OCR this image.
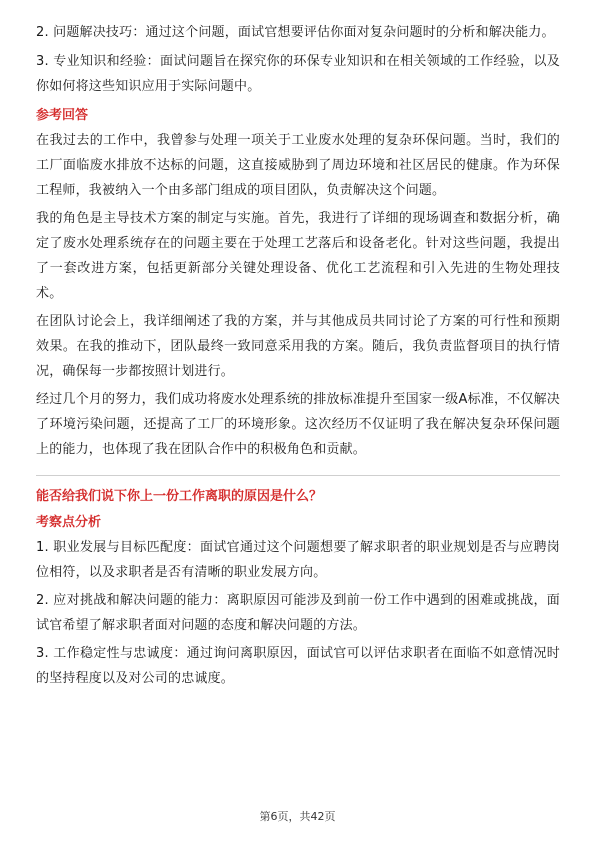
2. 问题解决技巧：通过这个问题，面试官想要评估你面对复杂问题时的分析和解决能力。

3. 专业知识和经验：面试问题旨在探究你的环保专业知识和在相关领域的工作经验，以及你如何将这些知识应用于实际问题中。

参考回答

在我过去的工作中，我曾参与处理一项关于工业废水处理的复杂环保问题。当时，我们的工厂面临废水排放不达标的问题，这直接威胁到了周边环境和社区居民的健康。作为环保工程师，我被纳入一个由多部门组成的项目团队，负责解决这个问题。

我的角色是主导技术方案的制定与实施。首先，我进行了详细的现场调查和数据分析，确定了废水处理系统存在的问题主要在于处理工艺落后和设备老化。针对这些问题，我提出了一套改进方案，包括更新部分关键处理设备、优化工艺流程和引入先进的生物处理技术。

在团队讨论会上，我详细阐述了我的方案，并与其他成员共同讨论了方案的可行性和预期效果。在我的推动下，团队最终一致同意采用我的方案。随后，我负责监督项目的执行情况，确保每一步都按照计划进行。

经过几个月的努力，我们成功将废水处理系统的排放标准提升至国家一级A标准，不仅解决了环境污染问题，还提高了工厂的环境形象。这次经历不仅证明了我在解决复杂环保问题上的能力，也体现了我在团队合作中的积极角色和贡献。

能否给我们说下你上一份工作离职的原因是什么？

考察点分析

1. 职业发展与目标匹配度：面试官通过这个问题想要了解求职者的职业规划是否与应聘岗位相符，以及求职者是否有清晰的职业发展方向。

2. 应对挑战和解决问题的能力：离职原因可能涉及到前一份工作中遇到的困难或挑战，面试官希望了解求职者面对问题的态度和解决问题的方法。

3. 工作稳定性与忠诚度：通过询问离职原因，面试官可以评估求职者在面临不如意情况时的坚持程度以及对公司的忠诚度。

第6页，共42页
